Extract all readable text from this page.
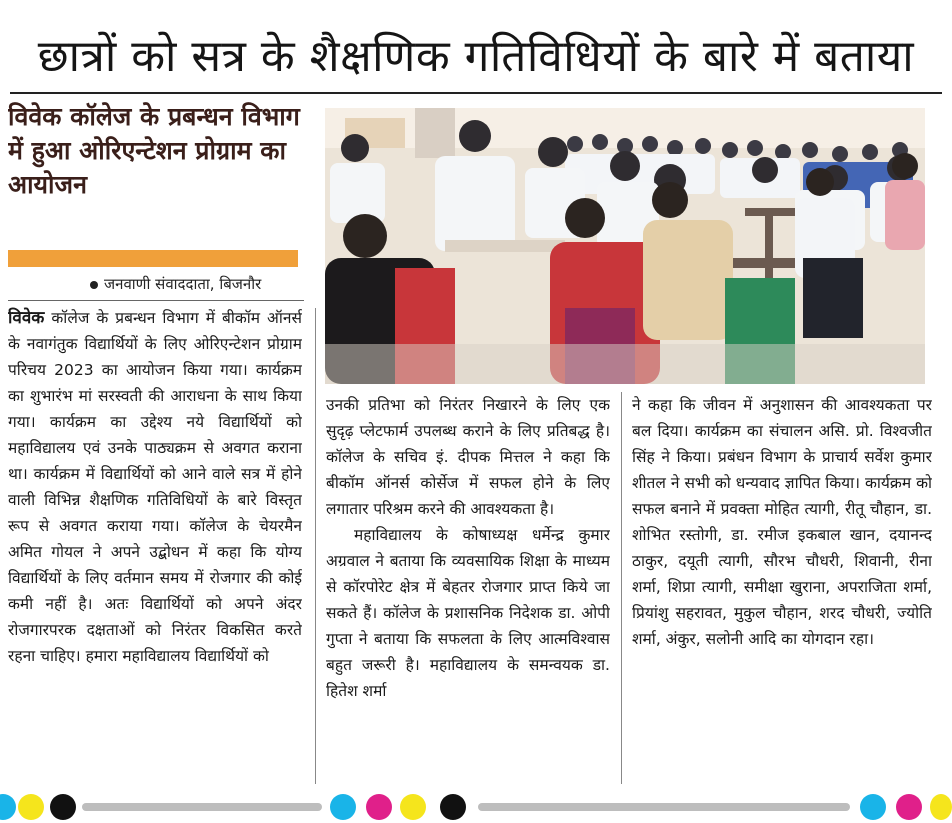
छात्रों को सत्र के शैक्षणिक गतिविधियों के बारे में बताया
विवेक कॉलेज के प्रबन्धन विभाग में हुआ ओरिएन्टेशन प्रोग्राम का आयोजन
जनवाणी संवाददाता, बिजनौर

विवेक कॉलेज के प्रबन्धन विभाग में बीकॉम ऑनर्स के नवागंतुक विद्यार्थियों के लिए ओरिएन्टेशन प्रोग्राम परिचय 2023 का आयोजन किया गया। कार्यक्रम का शुभारंभ मां सरस्वती की आराधना के साथ किया गया। कार्यक्रम का उद्देश्य नये विद्यार्थियों को महाविद्यालय एवं उनके पाठ्यक्रम से अवगत कराना था। कार्यक्रम में विद्यार्थियों को आने वाले सत्र में होने वाली विभिन्न शैक्षणिक गतिविधियों के बारे विस्तृत रूप से अवगत कराया गया। कॉलेज के चेयरमैन अमित गोयल ने अपने उद्बोधन में कहा कि योग्य विद्यार्थियों के लिए वर्तमान समय में रोजगार की कोई कमी नहीं है। अतः विद्यार्थियों को अपने अंदर रोजगारपरक दक्षताओं को निरंतर विकसित करते रहना चाहिए। हमारा महाविद्यालय विद्यार्थियों को

उनकी प्रतिभा को निरंतर निखारने के लिए एक सुदृढ़ प्लेटफार्म उपलब्ध कराने के लिए प्रतिबद्ध है। कॉलेज के सचिव इं. दीपक मित्तल ने कहा कि बीकॉम ऑनर्स कोर्सेज में सफल होने के लिए लगातार परिश्रम करने की आवश्यकता है।

महाविद्यालय के कोषाध्यक्ष धर्मेन्द्र कुमार अग्रवाल ने बताया कि व्यवसायिक शिक्षा के माध्यम से कॉरपोरेट क्षेत्र में बेहतर रोजगार प्राप्त किये जा सकते हैं। कॉलेज के प्रशासनिक निदेशक डा. ओपी गुप्ता ने बताया कि सफलता के लिए आत्मविश्वास बहुत जरूरी है। महाविद्यालय के समन्वयक डा. हितेश शर्मा

ने कहा कि जीवन में अनुशासन की आवश्यकता पर बल दिया। कार्यक्रम का संचालन असि. प्रो. विश्वजीत सिंह ने किया। प्रबंधन विभाग के प्राचार्य सर्वेश कुमार शीतल ने सभी को धन्यवाद ज्ञापित किया। कार्यक्रम को सफल बनाने में प्रवक्ता मोहित त्यागी, रीतू चौहान, डा. शोभित रस्तोगी, डा. रमीज इकबाल खान, दयानन्द ठाकुर, दयूती त्यागी, सौरभ चौधरी, शिवानी, रीना शर्मा, शिप्रा त्यागी, समीक्षा खुराना, अपराजिता शर्मा, प्रियांशु सहरावत, मुकुल चौहान, शरद चौधरी, ज्योति शर्मा, अंकुर, सलोनी आदि का योगदान रहा।
